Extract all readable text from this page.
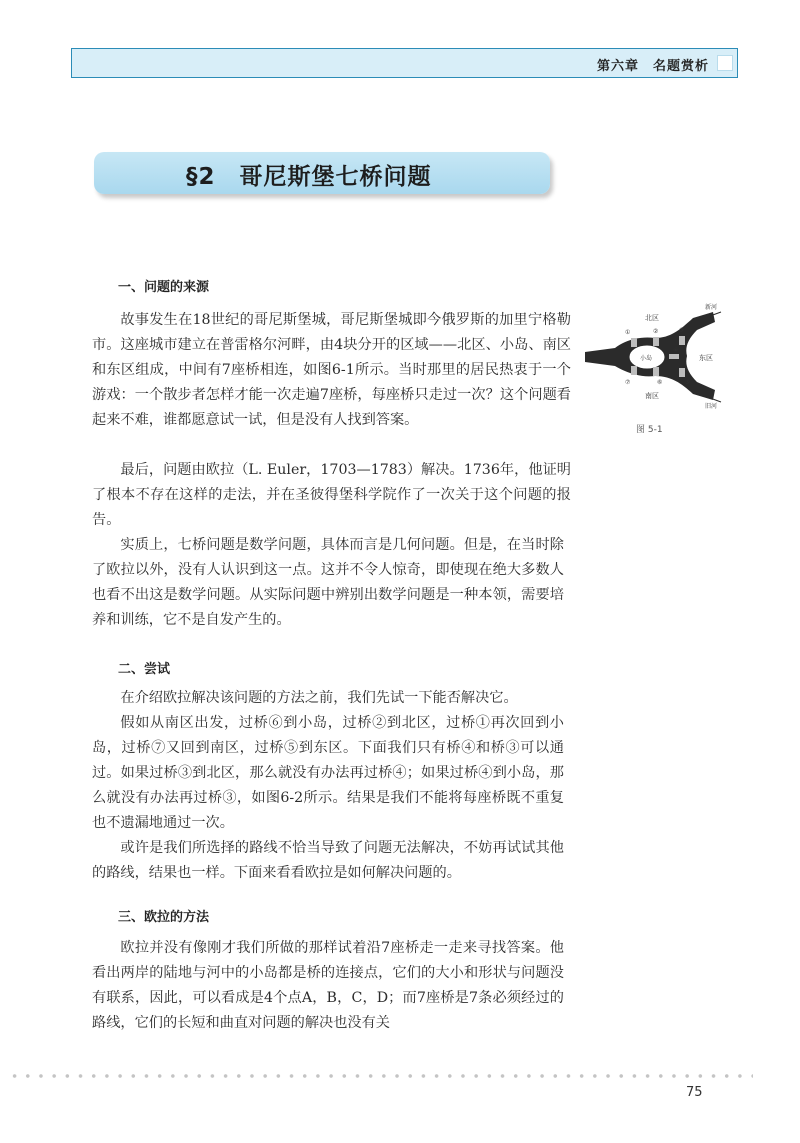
第六章　名题赏析
§2　哥尼斯堡七桥问题
一、问题的来源

故事发生在18世纪的哥尼斯堡城，哥尼斯堡城即今俄罗斯的加里宁格勒市。这座城市建立在普雷格尔河畔，由4块分开的区域——北区、小岛、南区和东区组成，中间有7座桥相连，如图6-1所示。当时那里的居民热衷于一个游戏：一个散步者怎样才能一次走遍7座桥，每座桥只走过一次？这个问题看起来不难，谁都愿意试一试，但是没有人找到答案。

北区
小岛	东区
南区
新河
旧河
①	②	③
④
⑤
⑥
⑦
图 5-1

最后，问题由欧拉（L. Euler，1703—1783）解决。1736年，他证明了根本不存在这样的走法，并在圣彼得堡科学院作了一次关于这个问题的报告。

实质上，七桥问题是数学问题，具体而言是几何问题。但是，在当时除了欧拉以外，没有人认识到这一点。这并不令人惊奇，即使现在绝大多数人也看不出这是数学问题。从实际问题中辨别出数学问题是一种本领，需要培养和训练，它不是自发产生的。

二、尝试

在介绍欧拉解决该问题的方法之前，我们先试一下能否解决它。

假如从南区出发，过桥⑥到小岛，过桥②到北区，过桥①再次回到小岛，过桥⑦又回到南区，过桥⑤到东区。下面我们只有桥④和桥③可以通过。如果过桥③到北区，那么就没有办法再过桥④；如果过桥④到小岛，那么就没有办法再过桥③，如图6-2所示。结果是我们不能将每座桥既不重复也不遗漏地通过一次。

或许是我们所选择的路线不恰当导致了问题无法解决，不妨再试试其他的路线，结果也一样。下面来看看欧拉是如何解决问题的。

三、欧拉的方法

欧拉并没有像刚才我们所做的那样试着沿7座桥走一走来寻找答案。他看出两岸的陆地与河中的小岛都是桥的连接点，它们的大小和形状与问题没有联系，因此，可以看成是4个点A，B，C，D；而7座桥是7条必须经过的路线，它们的长短和曲直对问题的解决也没有关

75
